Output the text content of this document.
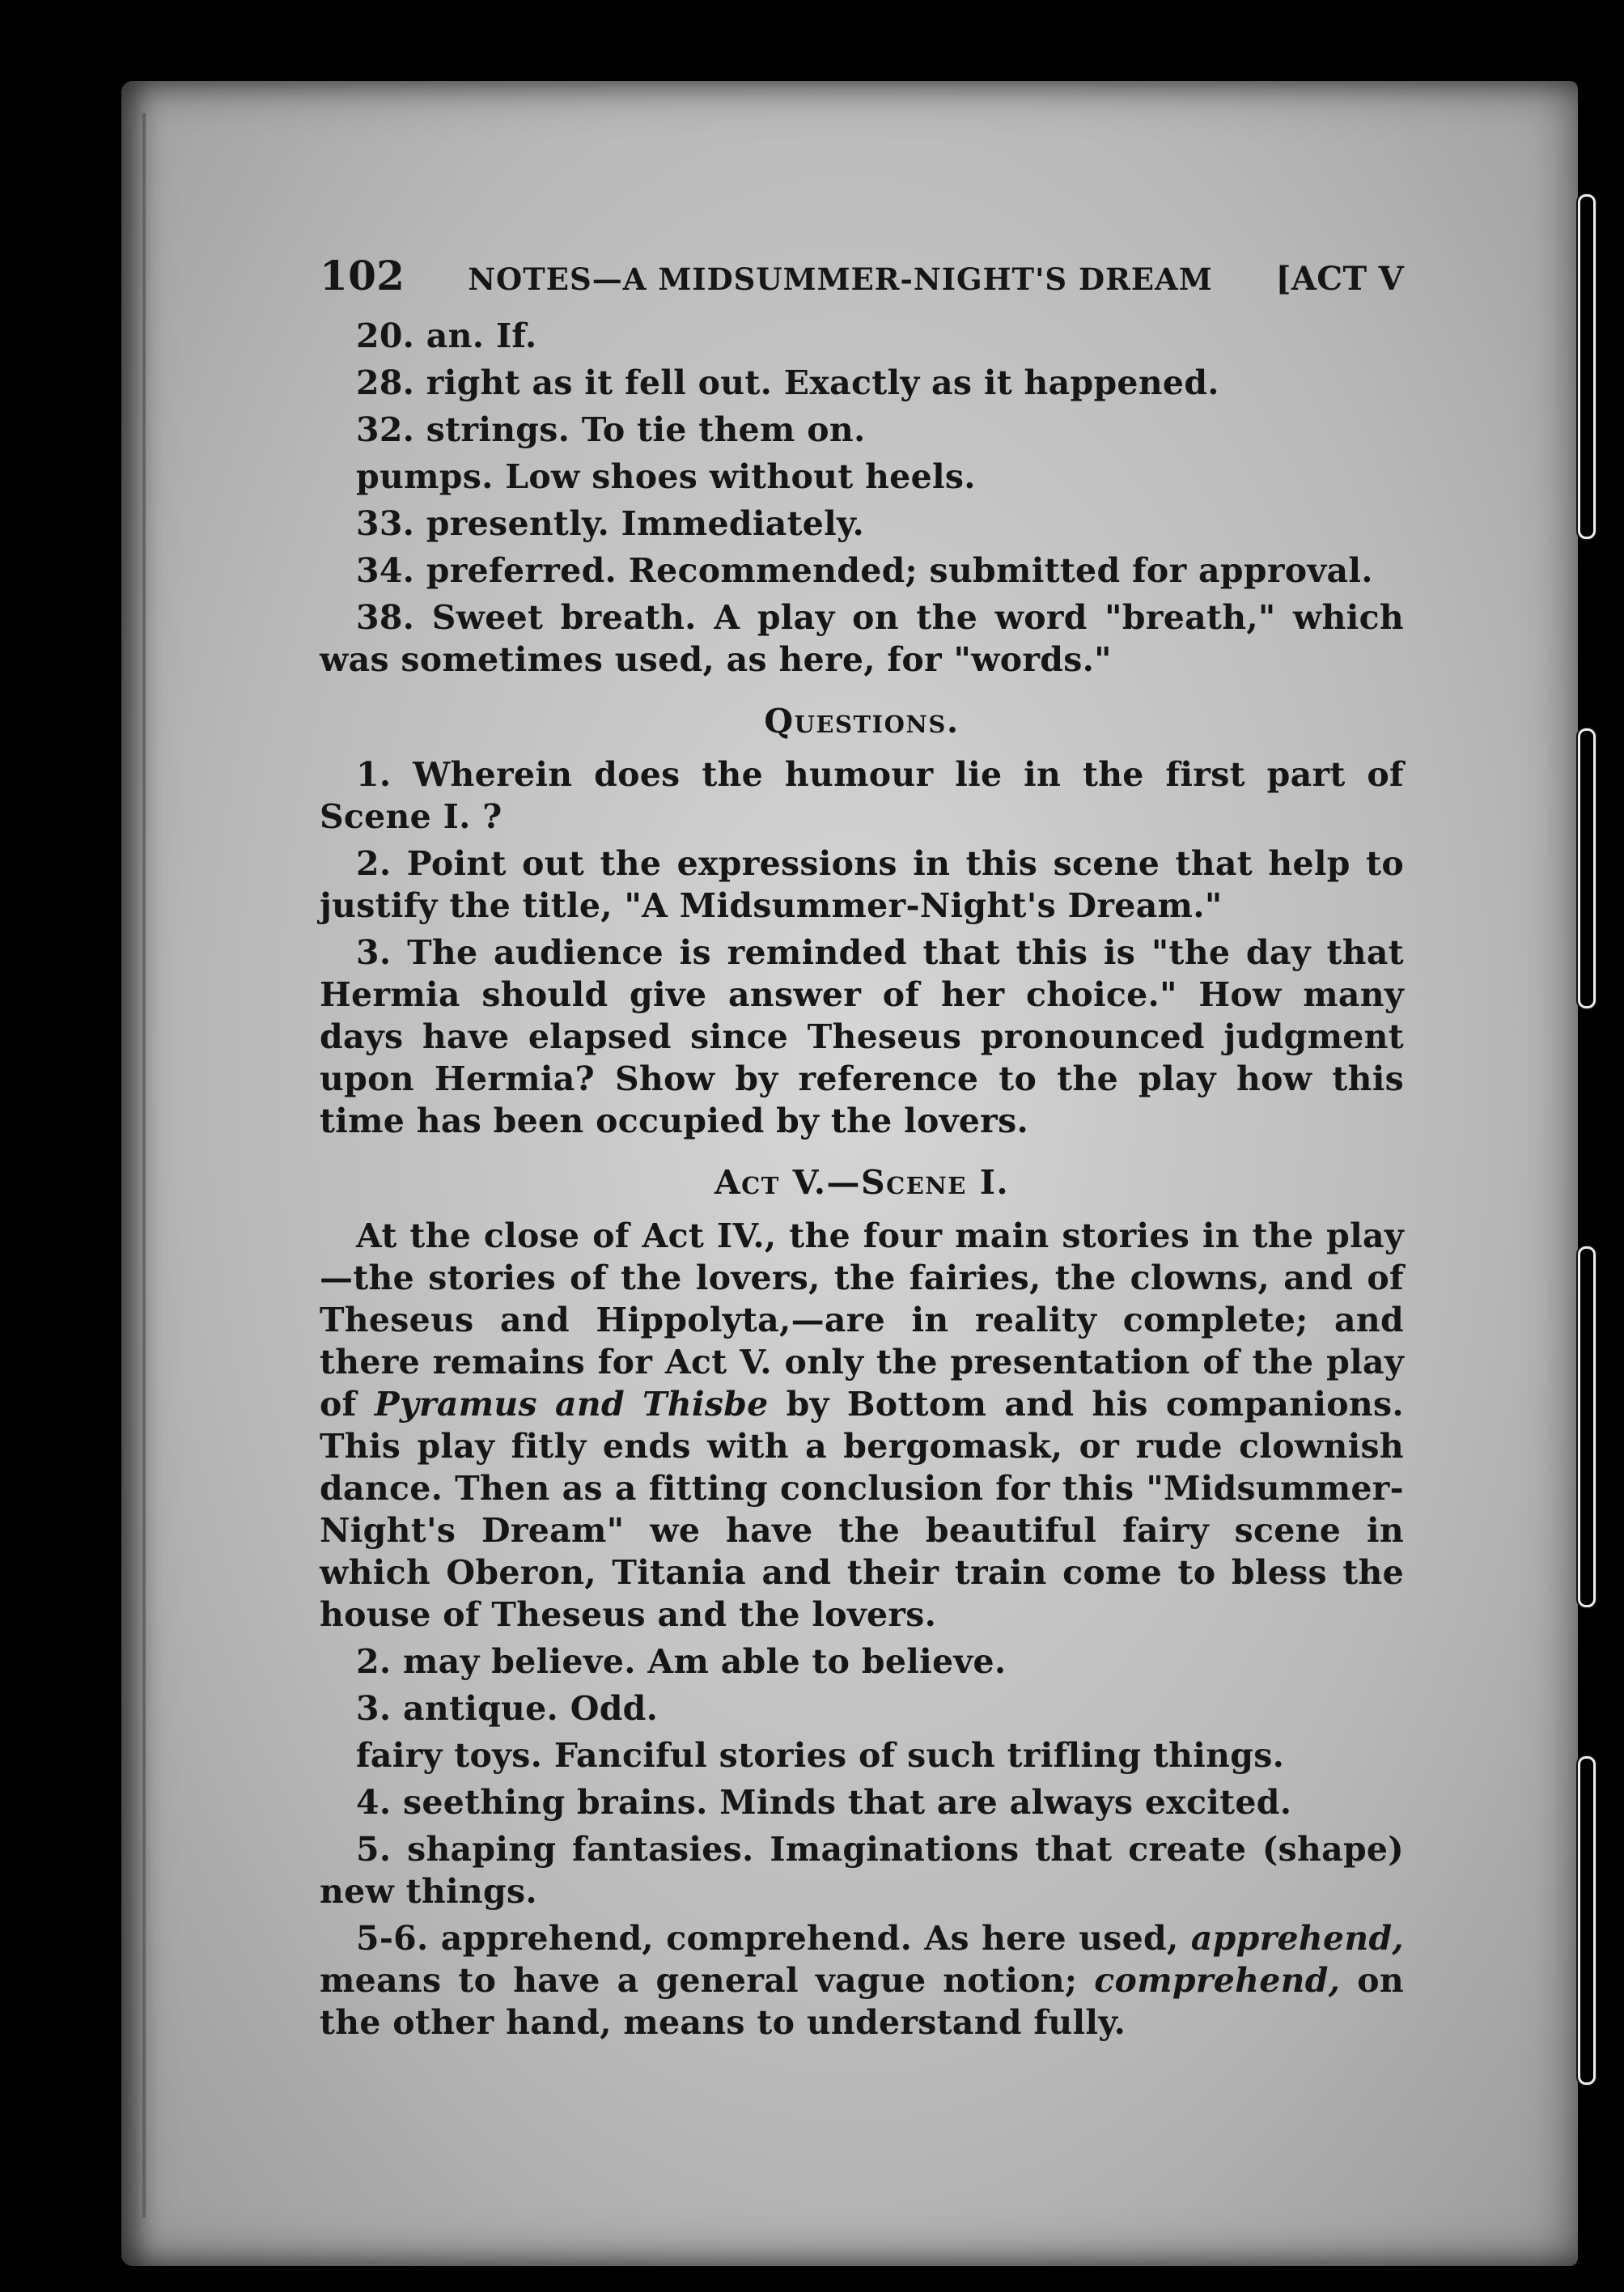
102 NOTES—A MIDSUMMER-NIGHT'S DREAM [ACT V
20. an. If.
28. right as it fell out. Exactly as it happened.
32. strings. To tie them on.
pumps. Low shoes without heels.
33. presently. Immediately.
34. preferred. Recommended; submitted for approval.
38. Sweet breath. A play on the word "breath," which was sometimes used, as here, for "words."
Questions.
1. Wherein does the humour lie in the first part of Scene I. ?
2. Point out the expressions in this scene that help to justify the title, "A Midsummer-Night's Dream."
3. The audience is reminded that this is "the day that Hermia should give answer of her choice." How many days have elapsed since Theseus pronounced judgment upon Hermia? Show by reference to the play how this time has been occupied by the lovers.
Act V.—Scene I.
At the close of Act IV., the four main stories in the play—the stories of the lovers, the fairies, the clowns, and of Theseus and Hippolyta,—are in reality complete; and there remains for Act V. only the presentation of the play of Pyramus and Thisbe by Bottom and his companions. This play fitly ends with a bergomask, or rude clownish dance. Then as a fitting conclusion for this "Midsummer-Night's Dream" we have the beautiful fairy scene in which Oberon, Titania and their train come to bless the house of Theseus and the lovers.
2. may believe. Am able to believe.
3. antique. Odd.
fairy toys. Fanciful stories of such trifling things.
4. seething brains. Minds that are always excited.
5. shaping fantasies. Imaginations that create (shape) new things.
5-6. apprehend, comprehend. As here used, apprehend, means to have a general vague notion; comprehend, on the other hand, means to understand fully.
